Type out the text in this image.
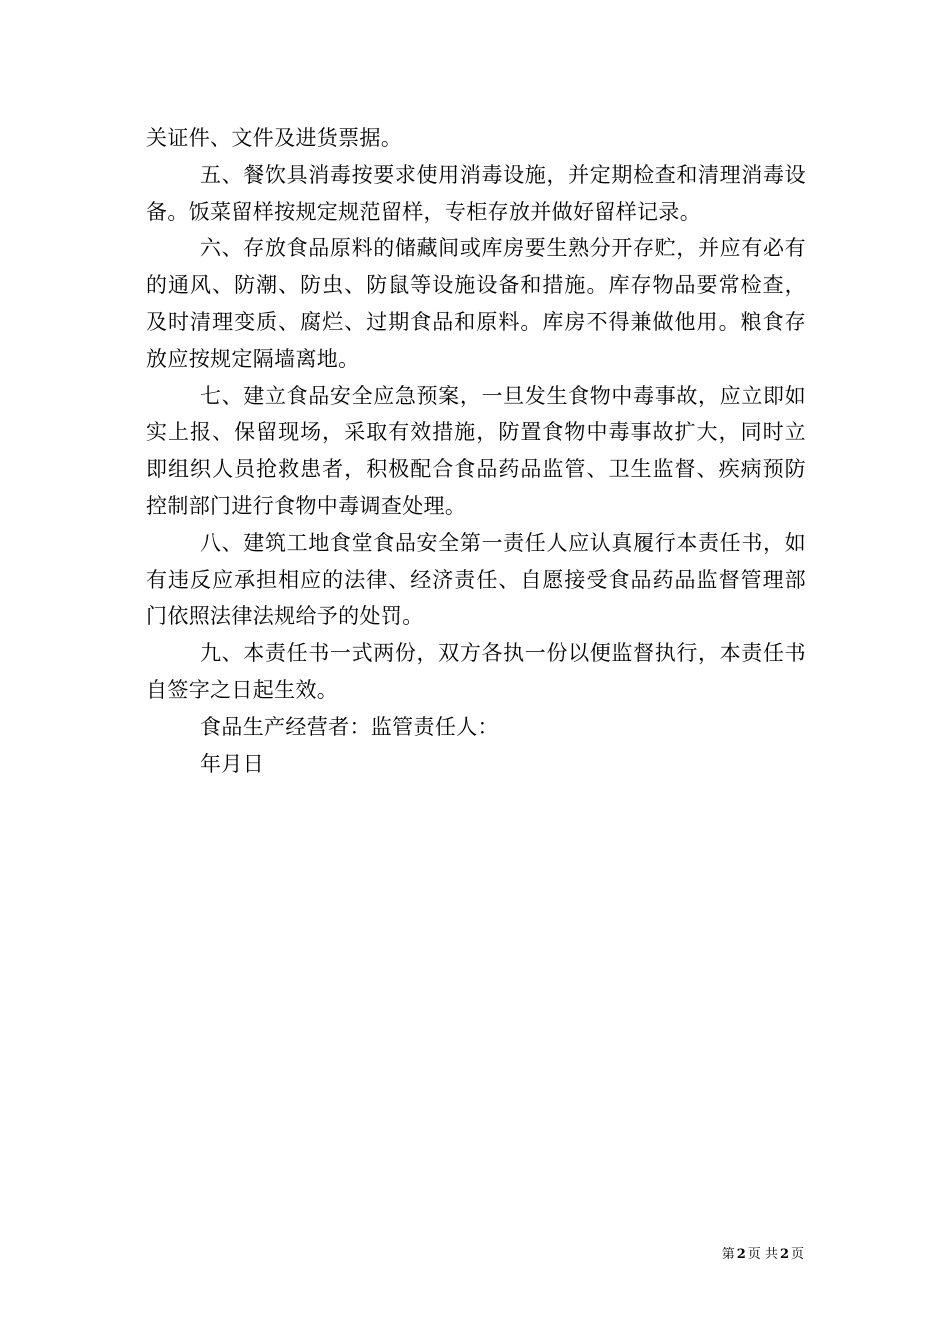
关证件、文件及进货票据。

五、餐饮具消毒按要求使用消毒设施，并定期检查和清理消毒设备。饭菜留样按规定规范留样，专柜存放并做好留样记录。

六、存放食品原料的储藏间或库房要生熟分开存贮，并应有必有的通风、防潮、防虫、防鼠等设施设备和措施。库存物品要常检查，及时清理变质、腐烂、过期食品和原料。库房不得兼做他用。粮食存放应按规定隔墙离地。

七、建立食品安全应急预案，一旦发生食物中毒事故，应立即如实上报、保留现场，采取有效措施，防置食物中毒事故扩大，同时立即组织人员抢救患者，积极配合食品药品监管、卫生监督、疾病预防控制部门进行食物中毒调查处理。

八、建筑工地食堂食品安全第一责任人应认真履行本责任书，如有违反应承担相应的法律、经济责任、自愿接受食品药品监督管理部门依照法律法规给予的处罚。

九、本责任书一式两份，双方各执一份以便监督执行，本责任书自签字之日起生效。

食品生产经营者：监管责任人：

年月日

第 2 页 共 2 页
